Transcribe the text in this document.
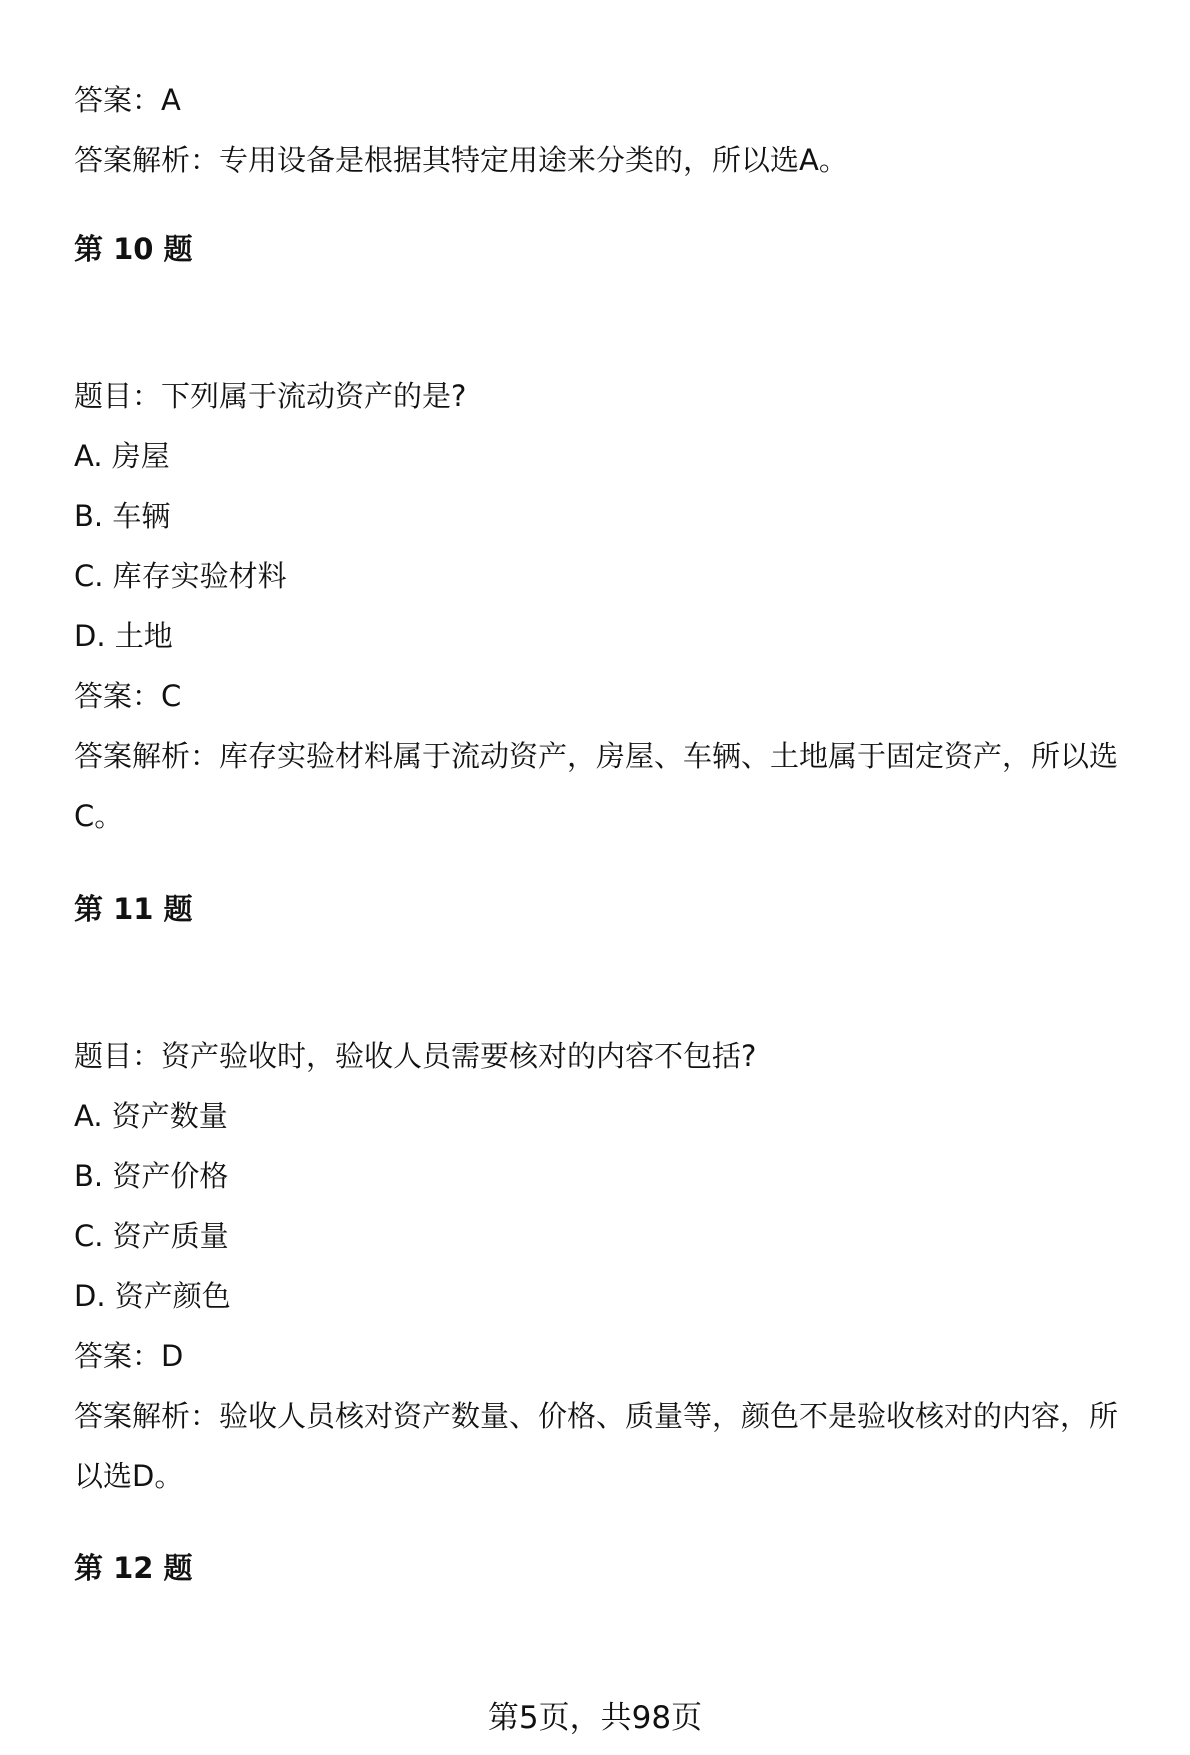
答案：A
答案解析：专用设备是根据其特定用途来分类的，所以选A。
第 10 题
题目：下列属于流动资产的是?
A. 房屋
B. 车辆
C. 库存实验材料
D. 土地
答案：C
答案解析：库存实验材料属于流动资产，房屋、车辆、土地属于固定资产，所以选
C。
第 11 题
题目：资产验收时，验收人员需要核对的内容不包括?
A. 资产数量
B. 资产价格
C. 资产质量
D. 资产颜色
答案：D
答案解析：验收人员核对资产数量、价格、质量等，颜色不是验收核对的内容，所
以选D。
第 12 题
第5页，共98页
